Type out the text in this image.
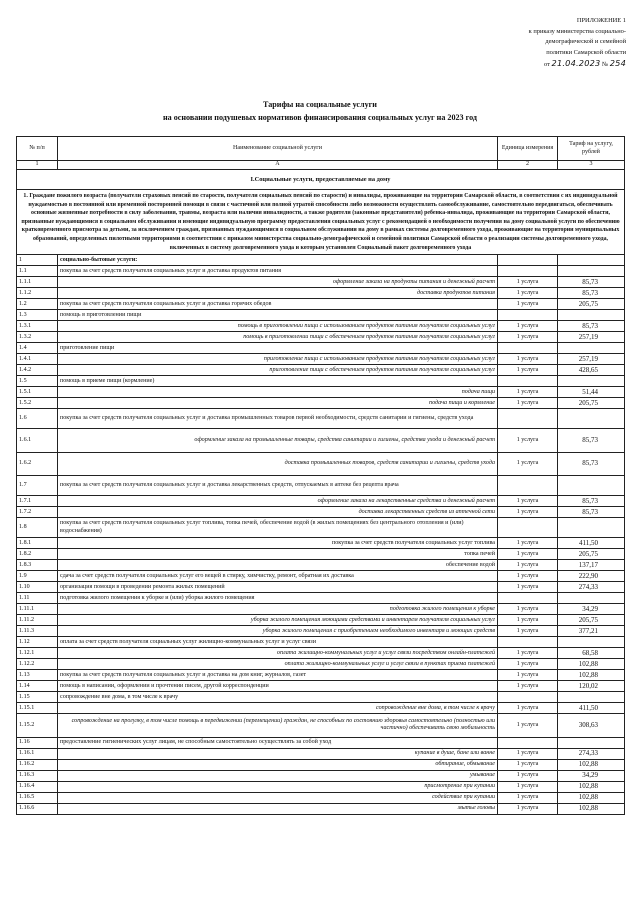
ПРИЛОЖЕНИЕ 1
к приказу министерства социально-
демографической и семейной
политики Самарской области
от 21.04.2023 № 254
Тарифы на социальные услуги
на основании подушевых нормативов финансирования социальных услуг на 2023 год
№ п/п	Наименование социальной услуги	Единица измерения	Тариф на услугу, рублей
1	A	2	3
I.Социальные услуги, предоставляемые на дому			
1. Граждане пожилого возраста (получатели страховых пенсий по старости, получатели социальных пенсий по старости) и инвалиды, проживающие на территории Самарской области, в соответствии с их индивидуальной нуждаемостью в постоянной или временной посторонней помощи в связи с частичной или полной утратой способности либо возможности осуществлять самообслуживание, самостоятельно передвигаться, обеспечивать основные жизненные потребности в силу заболевания, травмы, возраста или наличия инвалидности, а также родители (законные представители) ребенка-инвалида, проживающие на территории Самарской области, признанные нуждающимися в социальном обслуживании и имеющие индивидуальную программу предоставления социальных услуг с рекомендацией о необходимости получения на дому социальной услуги по обеспечению кратковременного присмотра за детьми, за исключением граждан, признанных нуждающимися в социальном обслуживании на дому в рамках системы долговременного ухода, проживающие на территории муниципальных образований, определенных пилотными территориями в соответствии с приказом министерства социально-демографической и семейной политики Самарской области о реализации системы долговременного ухода, включенных в систему долговременного ухода и которым установлен Социальный пакет долговременного ухода			
1	социально-бытовые услуги:		
1.1	покупка за счет средств получателя социальных услуг и доставка продуктов питания		
1.1.1	оформление заказа на продукты питания и денежный расчет	1 услуга	85,73
1.1.2	доставка продуктов питания	1 услуга	85,73
1.2	покупка за счет средств получателя социальных услуг и доставка горячих обедов	1 услуга	205,75
1.3	помощь в приготовлении пищи		
1.3.1	помощь в приготовлении пищи с использованием продуктов питания получателя социальных услуг	1 услуга	85,73
1.3.2	помощь в приготовлении пищи с обеспечением продуктов питания получателя социальных услуг	1 услуга	257,19
1.4	приготовление пищи		
1.4.1	приготовление пищи с использованием продуктов питания получателя социальных услуг	1 услуга	257,19
1.4.2	приготовление пищи с обеспечением продуктов питания получателя социальных услуг	1 услуга	428,65
1.5	помощь в приеме пищи (кормление)		
1.5.1	подача пищи	1 услуга	51,44
1.5.2	подача пищи и кормление	1 услуга	205,75
1.6	покупка за счет средств получателя социальных услуг и доставка промышленных товаров первой необходимости, средств санитарии и гигиены, средств ухода		
1.6.1	оформление заказа на промышленные товары, средства санитарии и гигиены, средства ухода и денежный расчет	1 услуга	85,73
1.6.2	доставка промышленных товаров, средств санитарии и гигиены, средств ухода	1 услуга	85,73
1.7	покупка за счет средств получателя социальных услуг и доставка лекарственных средств, отпускаемых в аптеке без рецепта врача		
1.7.1	оформление заказа на лекарственные средства и денежный расчет	1 услуга	85,73
1.7.2	доставка лекарственных средств из аптечной сети	1 услуга	85,73
1.8	покупка за счет средств получателя социальных услуг топлива, топка печей, обеспечение водой (в жилых помещениях без центрального отопления и (или) водоснабжения)		
1.8.1	покупка за счет средств получателя социальных услуг топлива	1 услуга	411,50
1.8.2	топка печей	1 услуга	205,75
1.8.3	обеспечение водой	1 услуга	137,17
1.9	сдача за счет средств получателя социальных услуг его вещей в стирку, химчистку, ремонт, обратная их доставка	1 услуга	222,90
1.10	организация помощи в проведении ремонта жилых помещений	1 услуга	274,33
1.11	подготовка жилого помещения к уборке и (или) уборка жилого помещения		
1.11.1	подготовка жилого помещения к уборке	1 услуга	34,29
1.11.2	уборка жилого помещения моющими средствами и инвентарем получателя социальных услуг	1 услуга	205,75
1.11.3	уборка жилого помещения с приобретением необходимого инвентаря и моющих средств	1 услуга	377,21
1.12	оплата за счет средств получателя социальных услуг жилищно-коммунальных услуг и услуг связи		
1.12.1	оплата жилищно-коммунальных услуг и услуг связи посредством онлайн-платежей	1 услуга	68,58
1.12.2	оплата жилищно-коммунальных услуг и услуг связи в пунктах приема платежей	1 услуга	102,88
1.13	покупка за счет средств получателя социальных услуг и доставка на дом книг, журналов, газет	1 услуга	102,88
1.14	помощь в написании, оформлении и прочтении писем, другой корреспонденции	1 услуга	120,02
1.15	сопровождение вне дома, в том числе к врачу		
1.15.1	сопровождение вне дома, в том числе к врачу	1 услуга	411,50
1.15.2	сопровождение на прогулку, в том числе помощь в передвижении (перемещении) граждан, не способных по состоянию здоровья самостоятельно (полностью или частично) обеспечивать свою мобильность	1 услуга	308,63
1.16	предоставление гигиенических услуг лицам, не способным самостоятельно осуществлять за собой уход		
1.16.1	купание в душе, бане или ванне	1 услуга	274,33
1.16.2	обтирание, обмывание	1 услуга	102,88
1.16.3	умывание	1 услуга	34,29
1.16.4	присмотрение при купании	1 услуга	102,88
1.16.5	содействие при купании	1 услуга	102,88
1.16.6	мытье головы	1 услуга	102,88
